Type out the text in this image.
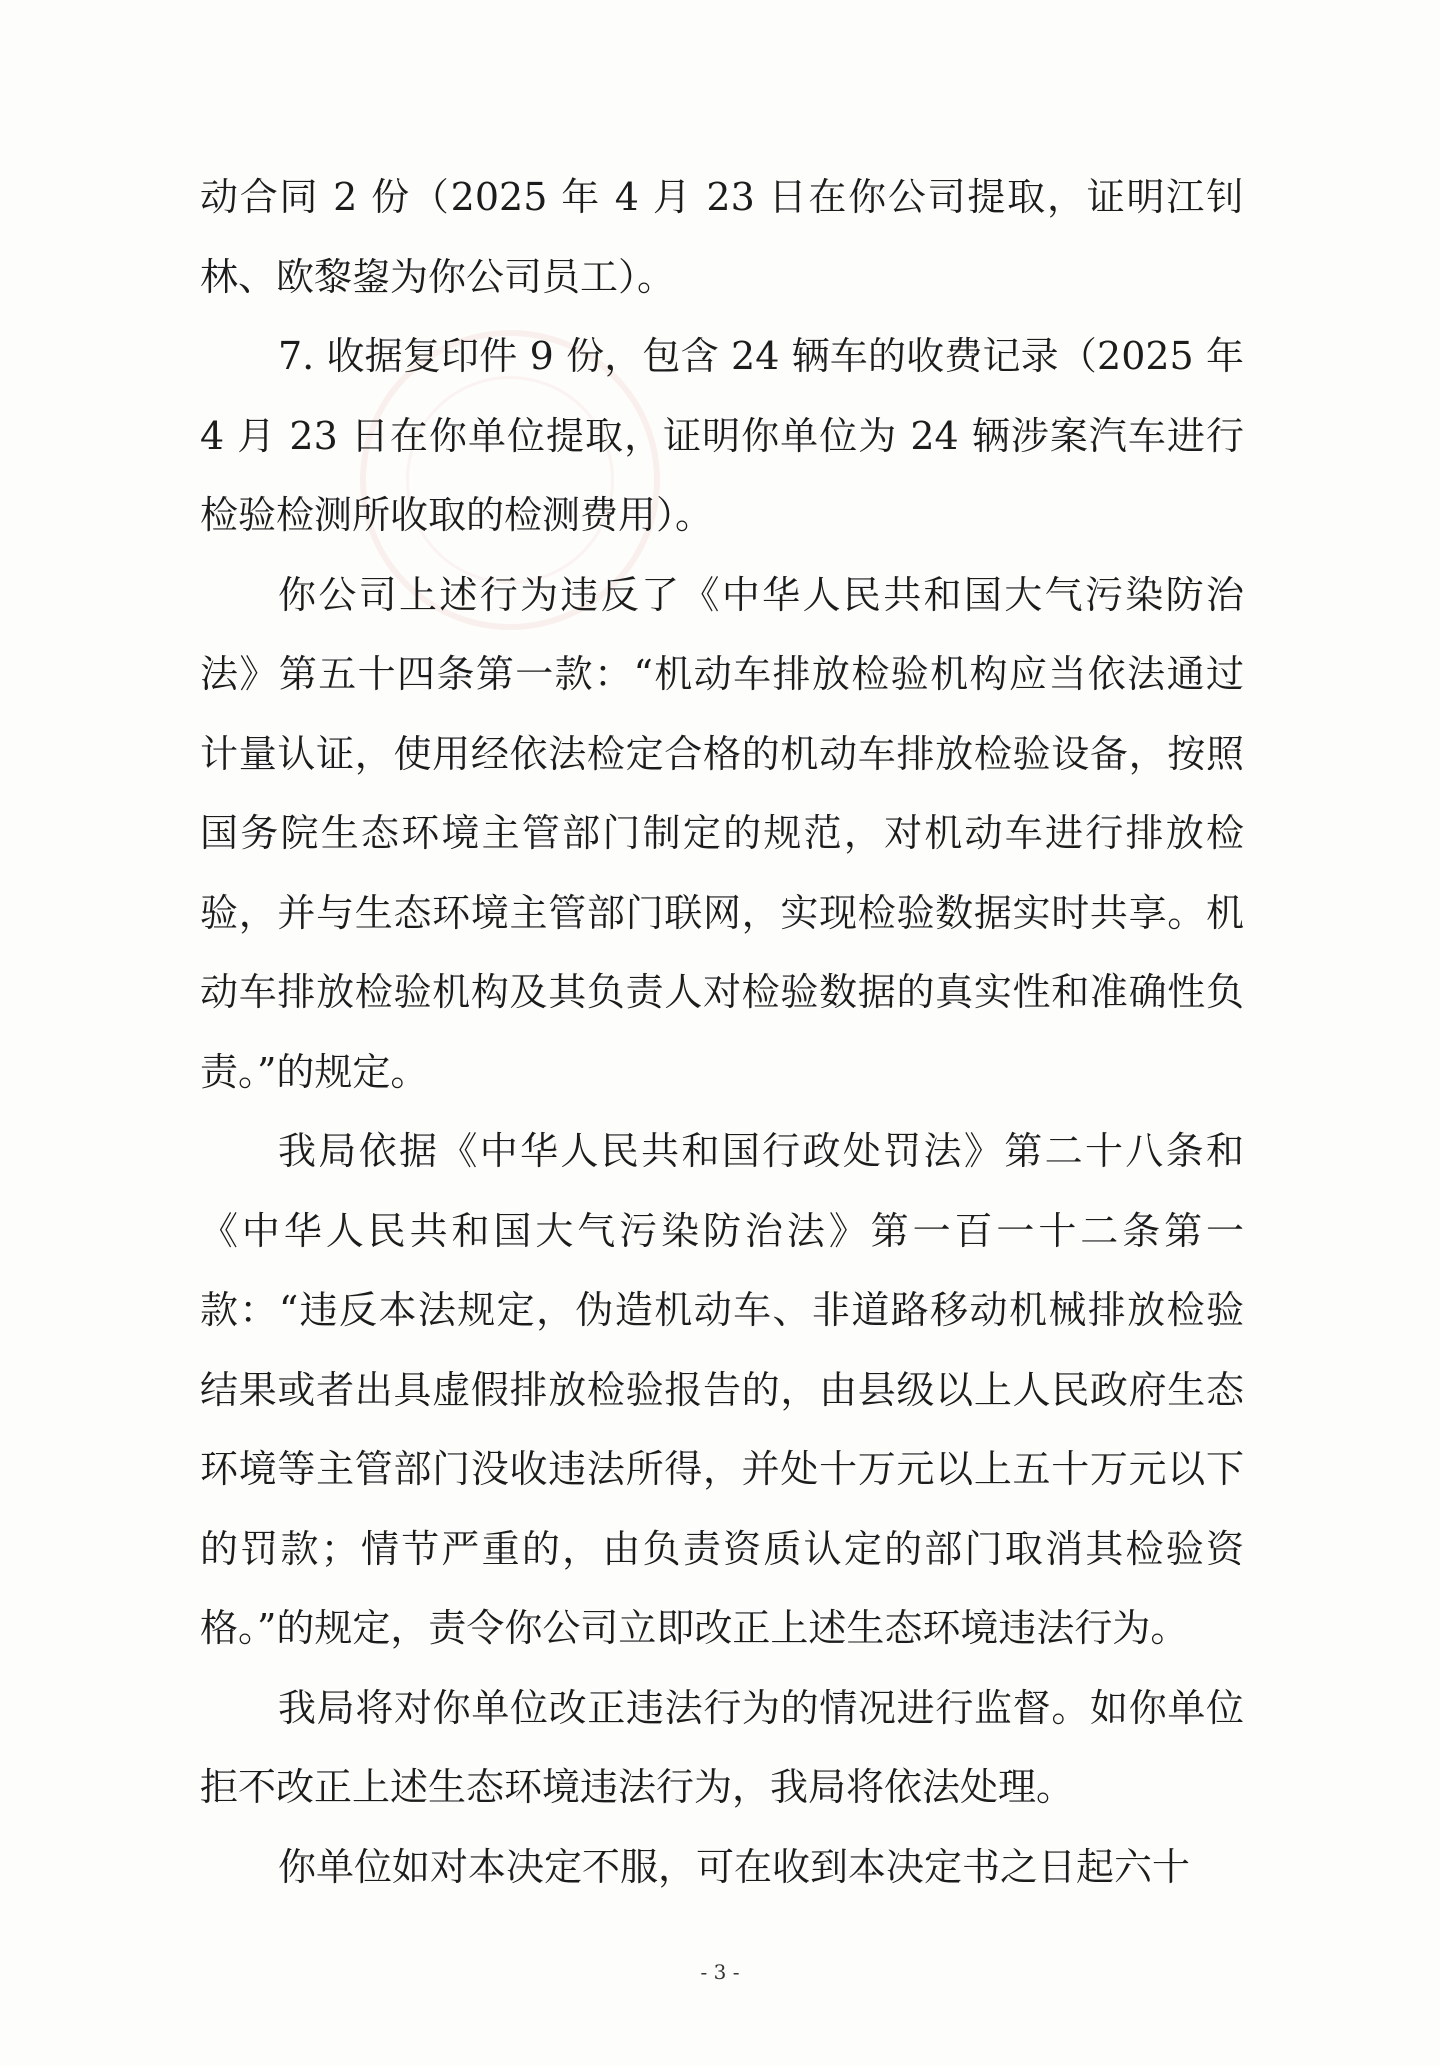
动合同 2 份（2025 年 4 月 23 日在你公司提取，证明江钊林、欧黎鋆为你公司员工）。

7. 收据复印件 9 份，包含 24 辆车的收费记录（2025 年 4 月 23 日在你单位提取，证明你单位为 24 辆涉案汽车进行检验检测所收取的检测费用）。

你公司上述行为违反了《中华人民共和国大气污染防治法》第五十四条第一款：“机动车排放检验机构应当依法通过计量认证，使用经依法检定合格的机动车排放检验设备，按照国务院生态环境主管部门制定的规范，对机动车进行排放检验，并与生态环境主管部门联网，实现检验数据实时共享。机动车排放检验机构及其负责人对检验数据的真实性和准确性负责。”的规定。

我局依据《中华人民共和国行政处罚法》第二十八条和《中华人民共和国大气污染防治法》第一百一十二条第一款：“违反本法规定，伪造机动车、非道路移动机械排放检验结果或者出具虚假排放检验报告的，由县级以上人民政府生态环境等主管部门没收违法所得，并处十万元以上五十万元以下的罚款；情节严重的，由负责资质认定的部门取消其检验资格。”的规定，责令你公司立即改正上述生态环境违法行为。

我局将对你单位改正违法行为的情况进行监督。如你单位拒不改正上述生态环境违法行为，我局将依法处理。

你单位如对本决定不服，可在收到本决定书之日起六十

- 3 -
